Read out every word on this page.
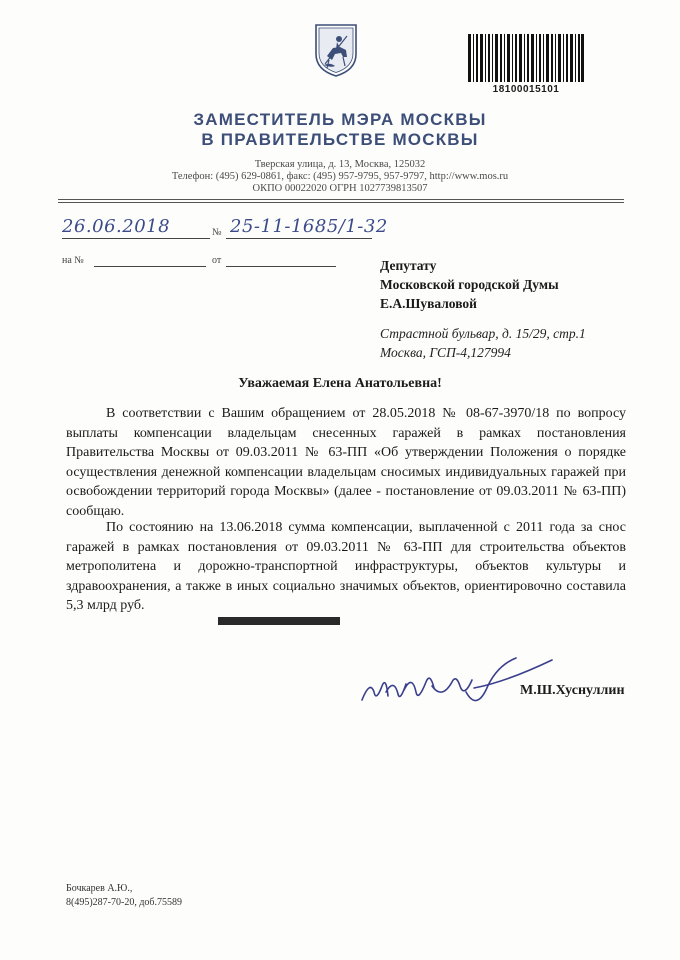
18100015101
ЗАМЕСТИТЕЛЬ МЭРА МОСКВЫ
В ПРАВИТЕЛЬСТВЕ МОСКВЫ
Тверская улица, д. 13, Москва, 125032
Телефон: (495) 629-0861, факс: (495) 957-9795, 957-9797, http://www.mos.ru
ОКПО 00022020 ОГРН 1027739813507
26.06.2018	№ 25-11-1685/1-32
на №	от	Депутату
Московской городской Думы
Е.А.Шуваловой
Страстной бульвар, д. 15/29, стр.1
Москва, ГСП-4,127994
Уважаемая Елена Анатольевна!
В соответствии с Вашим обращением от 28.05.2018 № 08-67-3970/18 по вопросу выплаты компенсации владельцам снесенных гаражей в рамках постановления Правительства Москвы от 09.03.2011 № 63-ПП «Об утверждении Положения о порядке осуществления денежной компенсации владельцам сносимых индивидуальных гаражей при освобождении территорий города Москвы» (далее - постановление от 09.03.2011 № 63-ПП) сообщаю.
По состоянию на 13.06.2018 сумма компенсации, выплаченной с 2011 года за снос гаражей в рамках постановления от 09.03.2011 № 63-ПП для строительства объектов метрополитена и дорожно-транспортной инфраструктуры, объектов культуры и здравоохранения, а также в иных социально значимых объектов, ориентировочно составила 5,3 млрд руб.
М.Ш.Хуснуллин
Бочкарев А.Ю.,
8(495)287-70-20, доб.75589
